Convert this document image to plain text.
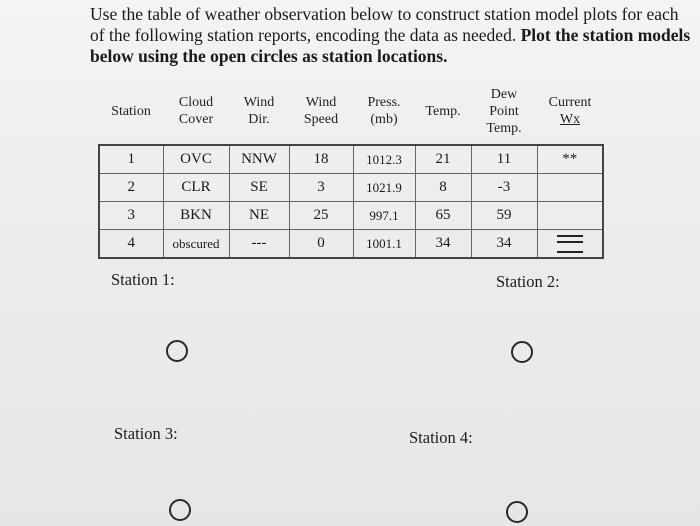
Use the table of weather observation below to construct station model plots for each of the following station reports, encoding the data as needed. Plot the station models below using the open circles as station locations.
Station	Cloud Cover	Wind Dir.	Wind Speed	Press. (mb)	Temp.	Dew Point Temp.	Current Wx
1	OVC	NNW	18	1012.3	21	11	**
2	CLR	SE	3	1021.9	8	-3	
3	BKN	NE	25	997.1	65	59	
4	obscured	---	0	1001.1	34	34	
Station 1:	Station 2:
Station 3:	Station 4:
